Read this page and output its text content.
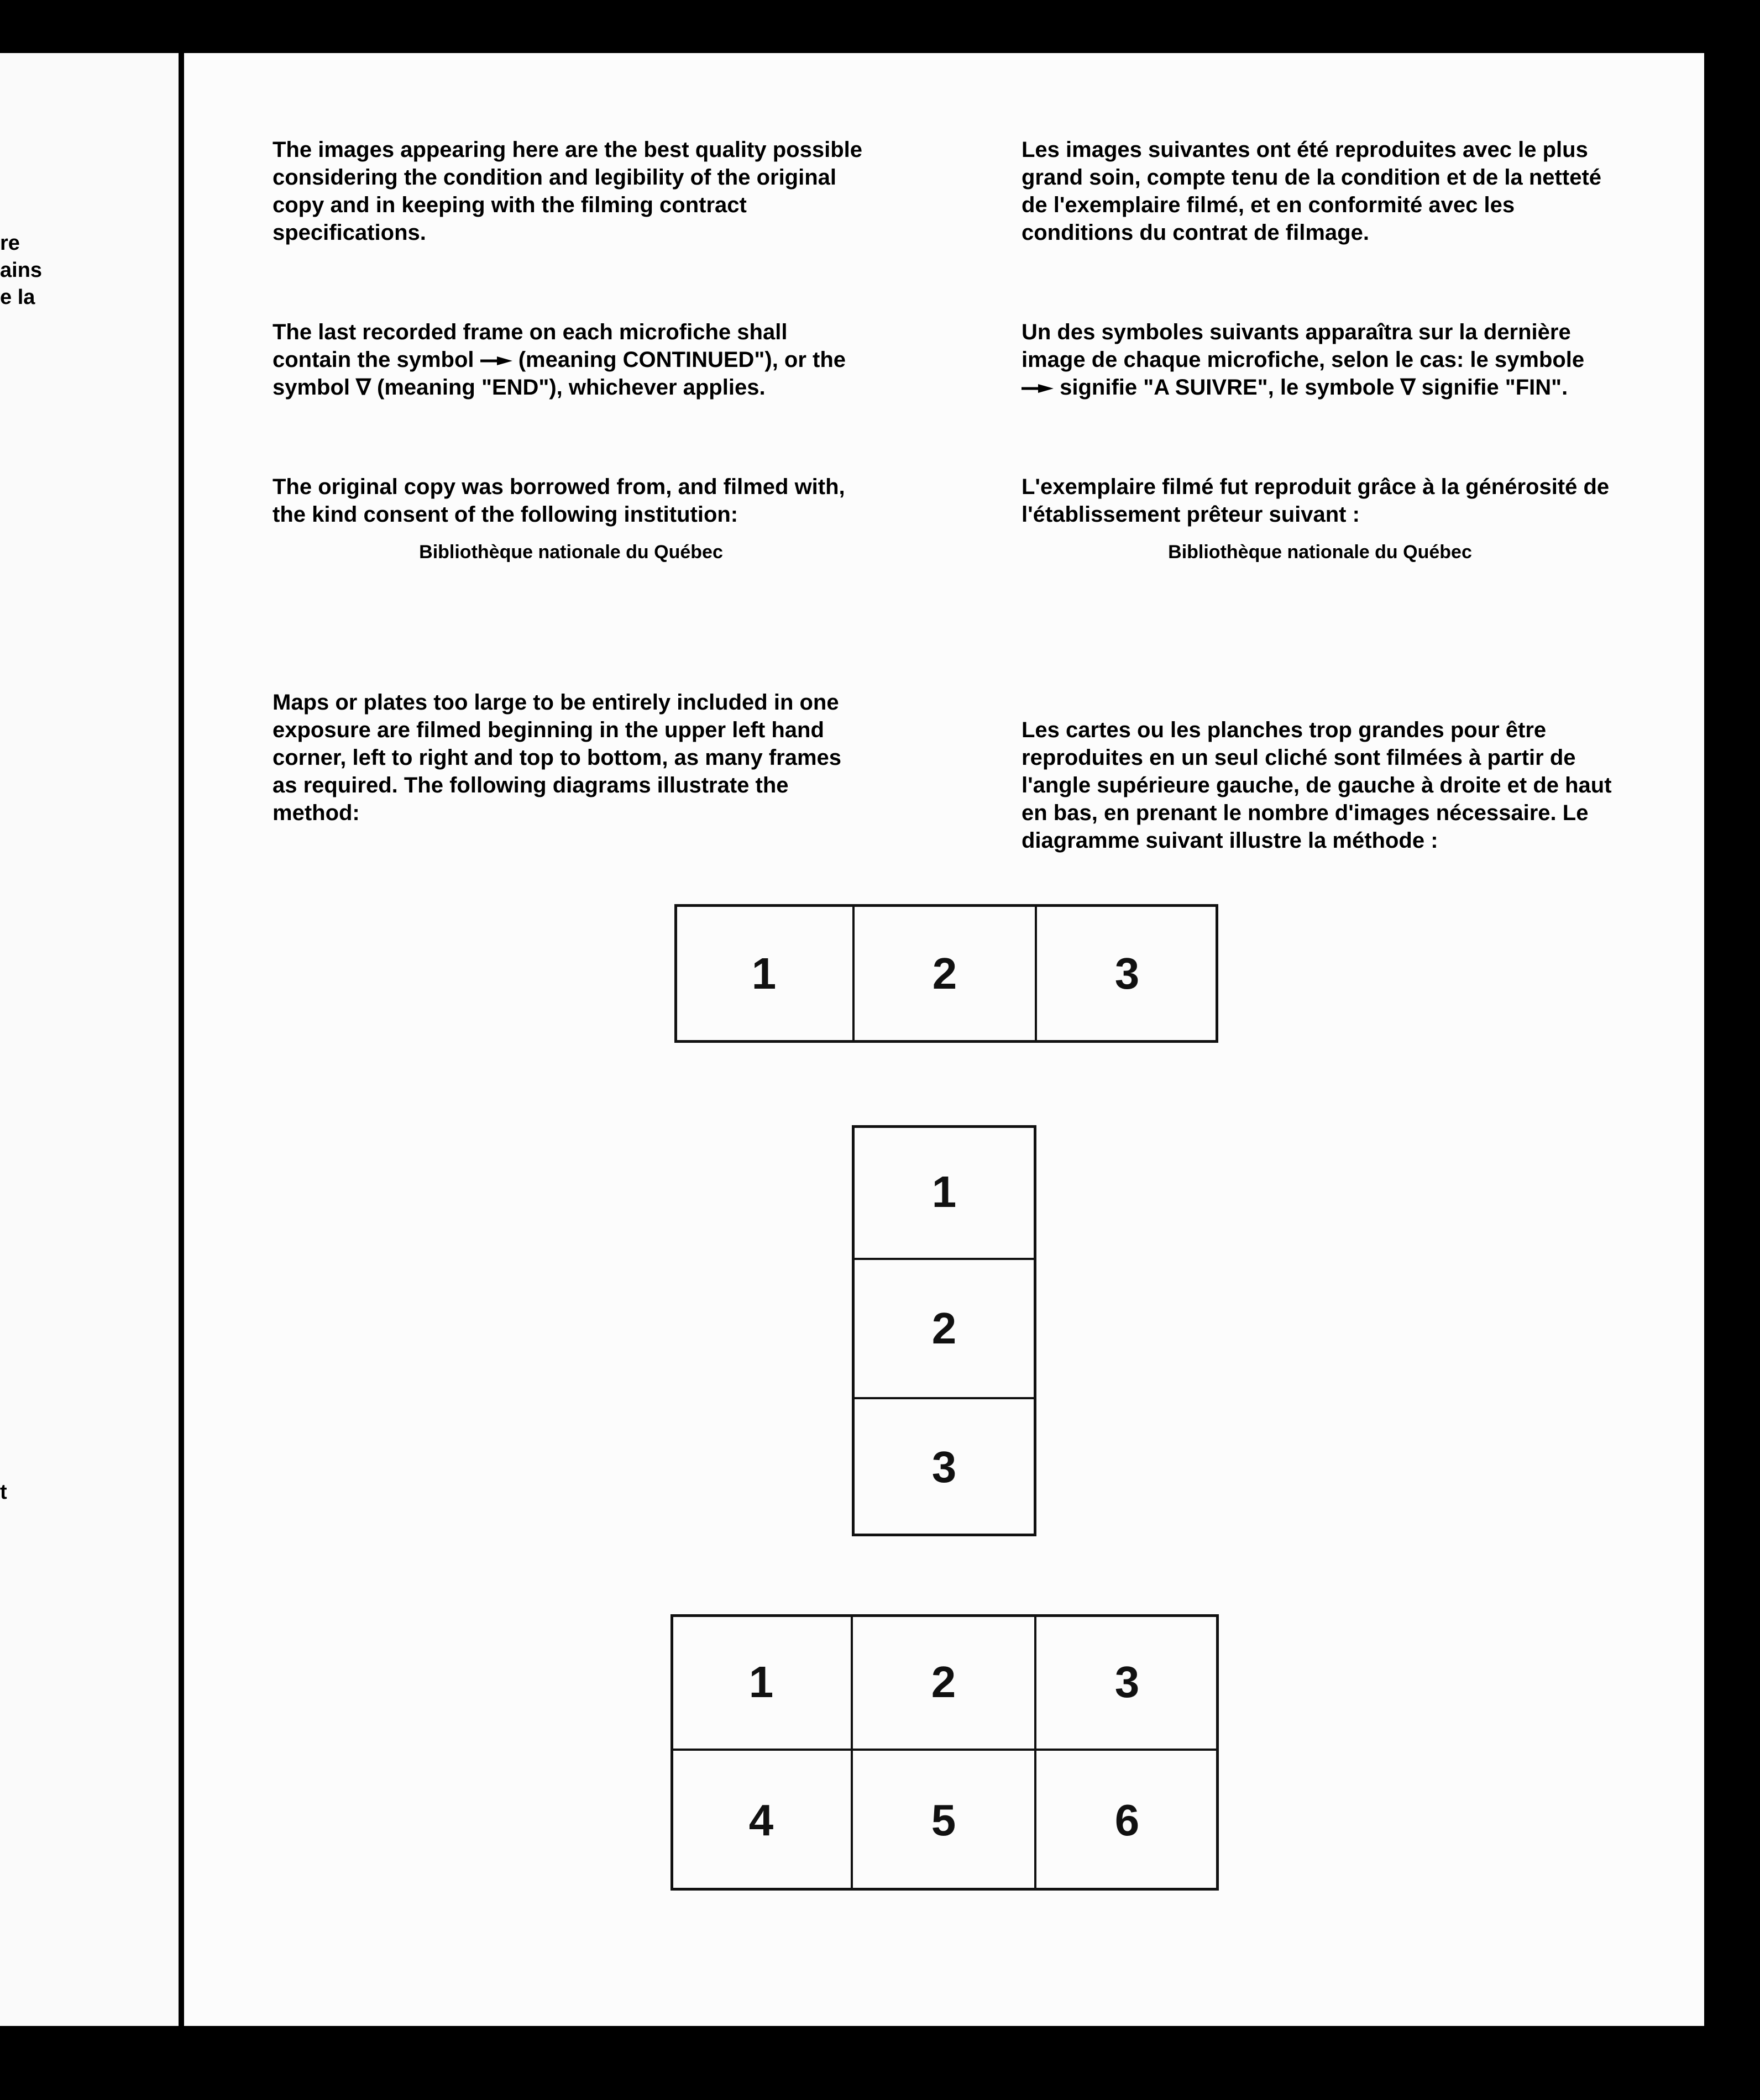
re
ains
e la
t

The images appearing here are the best quality possible considering the condition and legibility of the original copy and in keeping with the filming contract specifications.

The last recorded frame on each microfiche shall contain the symbol  (meaning CONTINUED"), or the symbol ∇ (meaning "END"), whichever applies.

The original copy was borrowed from, and filmed with, the kind consent of the following institution:

Bibliothèque nationale du Québec

Maps or plates too large to be entirely included in one exposure are filmed beginning in the upper left hand corner, left to right and top to bottom, as many frames as required. The following diagrams illustrate the method:

Les images suivantes ont été reproduites avec le plus grand soin, compte tenu de la condition et de la netteté de l'exemplaire filmé, et en conformité avec les conditions du contrat de filmage.

Un des symboles suivants apparaîtra sur la dernière image de chaque microfiche, selon le cas: le symbole  signifie "A SUIVRE", le symbole ∇ signifie "FIN".

L'exemplaire filmé fut reproduit grâce à la générosité de l'établissement prêteur suivant :

Bibliothèque nationale du Québec

Les cartes ou les planches trop grandes pour être reproduites en un seul cliché sont filmées à partir de l'angle supérieure gauche, de gauche à droite et de haut en bas, en prenant le nombre d'images nécessaire. Le diagramme suivant illustre la méthode :

1	2	3
1
2
3
1	2	3
4	5	6
